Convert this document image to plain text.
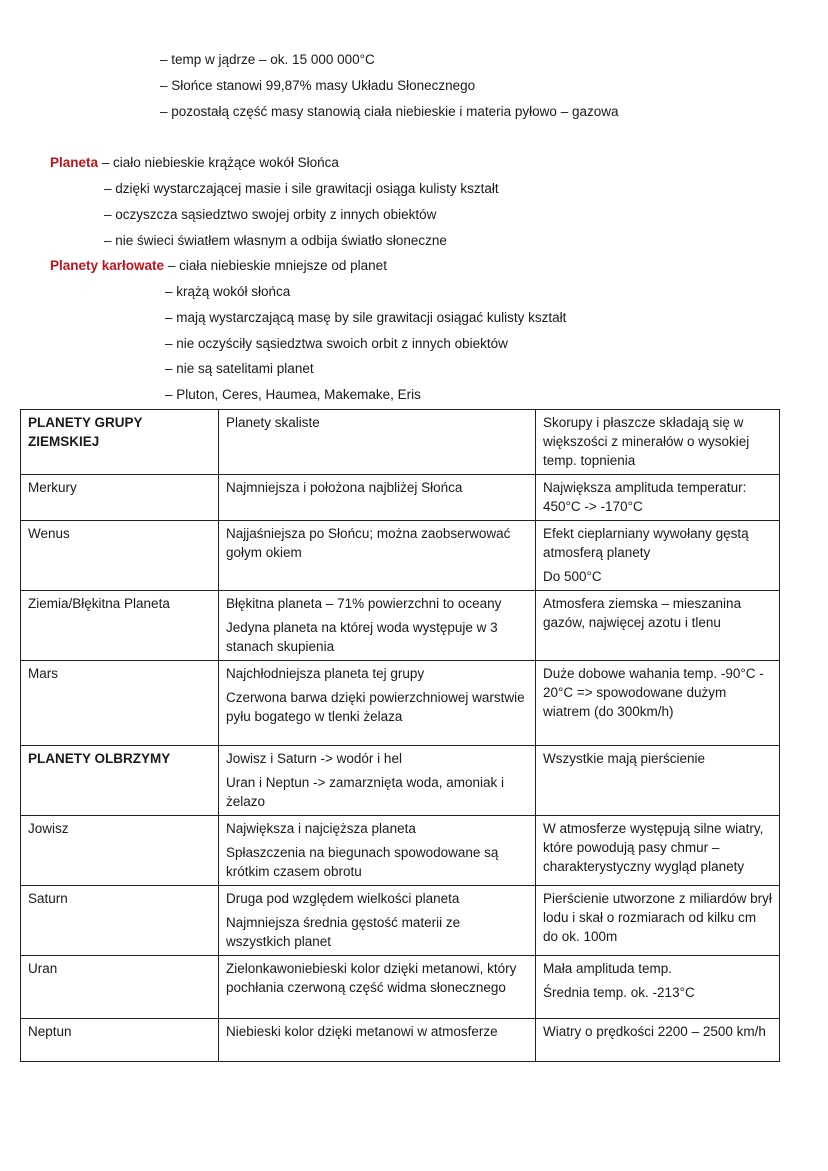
– temp w jądrze – ok. 15 000 000°C
– Słońce stanowi 99,87% masy Układu Słonecznego
– pozostałą część masy stanowią ciała niebieskie i materia pyłowo – gazowa
Planeta – ciało niebieskie krążące wokół Słońca
– dzięki wystarczającej masie i sile grawitacji osiąga kulisty kształt
– oczyszcza sąsiedztwo swojej orbity z innych obiektów
– nie świeci światłem własnym a odbija światło słoneczne
Planety karłowate – ciała niebieskie mniejsze od planet
– krążą wokół słońca
– mają wystarczającą masę by sile grawitacji osiągać kulisty kształt
– nie oczyściły sąsiedztwa swoich orbit z innych obiektów
– nie są satelitami planet
– Pluton, Ceres, Haumea, Makemake, Eris
PLANETY GRUPY ZIEMSKIEJ	Planety skaliste	Skorupy i płaszcze składają się w większości z minerałów o wysokiej temp. topnienia

Merkury	Najmniejsza i położona najbliżej Słońca	Największa amplituda temperatur: 450°C -> -170°C

Wenus	Najjaśniejsza po Słońcu; można zaobserwować gołym okiem	Efekt cieplarniany wywołany gęstą atmosferą planety
Do 500°C

Ziemia/Błękitna Planeta	Błękitna planeta – 71% powierzchni to oceany
Jedyna planeta na której woda występuje w 3 stanach skupienia	Atmosfera ziemska – mieszanina gazów, najwięcej azotu i tlenu

Mars	Najchłodniejsza planeta tej grupy
Czerwona barwa dzięki powierzchniowej warstwie pyłu bogatego w tlenki żelaza	Duże dobowe wahania temp. -90°C - 20°C => spowodowane dużym wiatrem (do 300km/h)

PLANETY OLBRZYMY	Jowisz i Saturn -> wodór i hel
Uran i Neptun -> zamarznięta woda, amoniak i żelazo	Wszystkie mają pierścienie

Jowisz	Największa i najcięższa planeta
Spłaszczenia na biegunach spowodowane są krótkim czasem obrotu	W atmosferze występują silne wiatry, które powodują pasy chmur – charakterystyczny wygląd planety

Saturn	Druga pod względem wielkości planeta
Najmniejsza średnia gęstość materii ze wszystkich planet	Pierścienie utworzone z miliardów brył lodu i skał o rozmiarach od kilku cm do ok. 100m

Uran	Zielonkawoniebieski kolor dzięki metanowi, który pochłania czerwoną część widma słonecznego	Mała amplituda temp.
Średnia temp. ok. -213°C

Neptun	Niebieski kolor dzięki metanowi w atmosferze	Wiatry o prędkości 2200 – 2500 km/h
